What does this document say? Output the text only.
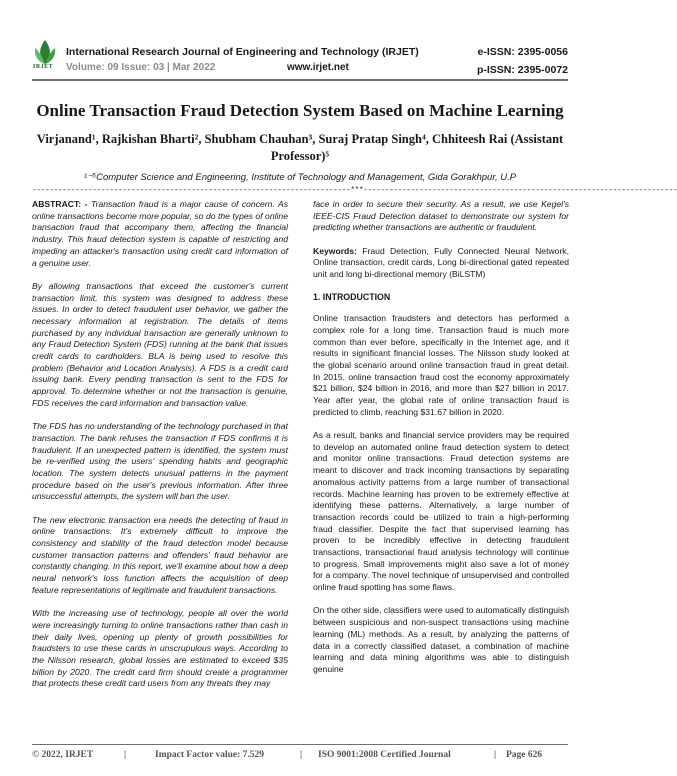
IRJET
International Research Journal of Engineering and Technology (IRJET)
Volume: 09 Issue: 03 | Mar 2022	www.irjet.net
e-ISSN: 2395-0056
p-ISSN: 2395-0072
Online Transaction Fraud Detection System Based on Machine Learning
Virjanand¹, Rajkishan Bharti², Shubham Chauhan³, Suraj Pratap Singh⁴, Chhiteesh Rai (Assistant Professor)⁵
¹⁻⁵Computer Science and Engineering, Institute of Technology and Management, Gida Gorakhpur, U.P
--------------------------------------------------------------------------***-------------------------------------------------------------------------

ABSTRACT: - Transaction fraud is a major cause of concern. As online transactions become more popular, so do the types of online transaction fraud that accompany them, affecting the financial industry. This fraud detection system is capable of restricting and impeding an attacker's transaction using credit card information of a genuine user.

By allowing transactions that exceed the customer's current transaction limit, this system was designed to address these issues. In order to detect fraudulent user behavior, we gather the necessary information at registration. The details of items purchased by any individual transaction are generally unknown to any Fraud Detection System (FDS) running at the bank that issues credit cards to cardholders. BLA is being used to resolve this problem (Behavior and Location Analysis). A FDS is a credit card issuing bank. Every pending transaction is sent to the FDS for approval. To determine whether or not the transaction is genuine, FDS receives the card information and transaction value.

The FDS has no understanding of the technology purchased in that transaction. The bank refuses the transaction if FDS confirms it is fraudulent. If an unexpected pattern is identified, the system must be re-verified using the users' spending habits and geographic location. The system detects unusual patterns in the payment procedure based on the user's previous information. After three unsuccessful attempts, the system will ban the user.

The new electronic transaction era needs the detecting of fraud in online transactions. It's extremely difficult to improve the consistency and stability of the fraud detection model because customer transaction patterns and offenders' fraud behavior are constantly changing. In this report, we'll examine about how a deep neural network's loss function affects the acquisition of deep feature representations of legitimate and fraudulent transactions.

With the increasing use of technology, people all over the world were increasingly turning to online transactions rather than cash in their daily lives, opening up plenty of growth possibilities for fraudsters to use these cards in unscrupulous ways. According to the Nilsson research, global losses are estimated to exceed $35 billion by 2020. The credit card firm should create a programmer that protects these credit card users from any threats they may

face in order to secure their security. As a result, we use Kegel's IEEE-CIS Fraud Detection dataset to demonstrate our system for predicting whether transactions are authentic or fraudulent.

Keywords: Fraud Detection, Fully Connected Neural Network, Online transaction, credit cards, Long bi-directional gated repeated unit and long bi-directional memory (BiLSTM)

1. INTRODUCTION

Online transaction fraudsters and detectors has performed a complex role for a long time. Transaction fraud is much more common than ever before, specifically in the Internet age, and it results in significant financial losses. The Nilsson study looked at the global scenario around online transaction fraud in great detail. In 2015, online transaction fraud cost the economy approximately $21 billion, $24 billion in 2016, and more than $27 billion in 2017. Year after year, the global rate of online transaction fraud is predicted to climb, reaching $31.67 billion in 2020.

As a result, banks and financial service providers may be required to develop an automated online fraud detection system to detect and monitor online transactions. Fraud detection systems are meant to discover and track incoming transactions by separating anomalous activity patterns from a large number of transactional records. Machine learning has proven to be extremely effective at identifying these patterns. Alternatively, a large number of transaction records could be utilized to train a high-performing fraud classifier. Despite the fact that supervised learning has proven to be incredibly effective in detecting fraudulent transactions, transactional fraud analysis technology will continue to progress. Small improvements might also save a lot of money for a company. The novel technique of unsupervised and controlled online fraud spotting has some flaws.

On the other side, classifiers were used to automatically distinguish between suspicious and non-suspect transactions using machine learning (ML) methods. As a result, by analyzing the patterns of data in a correctly classified dataset, a combination of machine learning and data mining algorithms was able to distinguish genuine

© 2022, IRJET	|	Impact Factor value: 7.529	| ISO 9001:2008 Certified Journal	| Page 626
